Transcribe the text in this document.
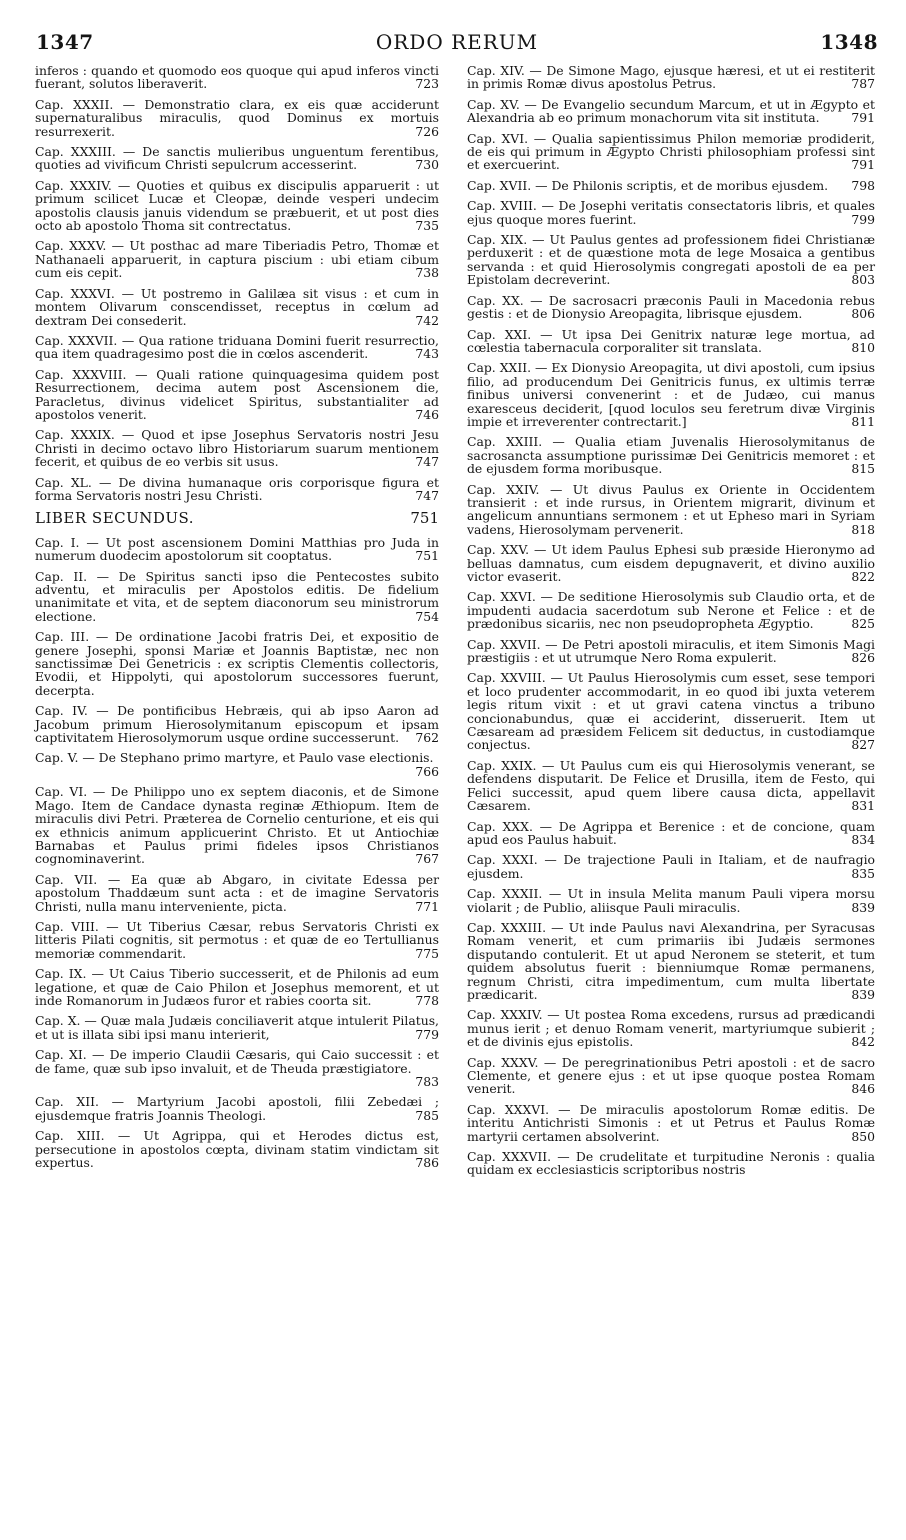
1347	ORDO RERUM	1348
inferos : quando et quomodo eos quoque qui apud inferos vincti fuerant, solutos liberaverit.	723
Cap. XXXII. — Demonstratio clara, ex eis quæ acciderunt supernaturalibus miraculis, quod Dominus ex mortuis resurrexerit.	726
Cap. XXXIII. — De sanctis mulieribus unguentum ferentibus, quoties ad vivificum Christi sepulcrum accesserint.	730
Cap. XXXIV. — Quoties et quibus ex discipulis apparuerit : ut primum scilicet Lucæ et Cleopæ, deinde vesperi undecim apostolis clausis januis videndum se præbuerit, et ut post dies octo ab apostolo Thoma sit contrectatus.	735
Cap. XXXV. — Ut posthac ad mare Tiberiadis Petro, Thomæ et Nathanaeli apparuerit, in captura piscium : ubi etiam cibum cum eis cepit.	738
Cap. XXXVI. — Ut postremo in Galilæa sit visus : et cum in montem Olivarum conscendisset, receptus in cœlum ad dextram Dei consederit.	742
Cap. XXXVII. — Qua ratione triduana Domini fuerit resurrectio, qua item quadragesimo post die in cœlos ascenderit.	743
Cap. XXXVIII. — Quali ratione quinquagesima quidem post Resurrectionem, decima autem post Ascensionem die, Paracletus, divinus videlicet Spiritus, substantialiter ad apostolos venerit.	746
Cap. XXXIX. — Quod et ipse Josephus Servatoris nostri Jesu Christi in decimo octavo libro Historiarum suarum mentionem fecerit, et quibus de eo verbis sit usus.	747
Cap. XL. — De divina humanaque oris corporisque figura et forma Servatoris nostri Jesu Christi.	747
LIBER SECUNDUS.	751
Cap. I. — Ut post ascensionem Domini Matthias pro Juda in numerum duodecim apostolorum sit cooptatus.	751
Cap. II. — De Spiritus sancti ipso die Pentecostes subito adventu, et miraculis per Apostolos editis. De fidelium unanimitate et vita, et de septem diaconorum seu ministrorum electione.	754
Cap. III. — De ordinatione Jacobi fratris Dei, et expositio de genere Josephi, sponsi Mariæ et Joannis Baptistæ, nec non sanctissimæ Dei Genetricis : ex scriptis Clementis collectoris, Evodii, et Hippolyti, qui apostolorum successores fuerunt, decerpta.
Cap. IV. — De pontificibus Hebræis, qui ab ipso Aaron ad Jacobum primum Hierosolymitanum episcopum et ipsam captivitatem Hierosolymorum usque ordine successerunt.	762
Cap. V. — De Stephano primo martyre, et Paulo vase electionis.
766
Cap. VI. — De Philippo uno ex septem diaconis, et de Simone Mago. Item de Candace dynasta reginæ Æthiopum. Item de miraculis divi Petri. Præterea de Cornelio centurione, et eis qui ex ethnicis animum applicuerint Christo. Et ut Antiochiæ Barnabas et Paulus primi fideles ipsos Christianos cognominaverint.	767
Cap. VII. — Ea quæ ab Abgaro, in civitate Edessa per apostolum Thaddæum sunt acta : et de imagine Servatoris Christi, nulla manu interveniente, picta.	771
Cap. VIII. — Ut Tiberius Cæsar, rebus Servatoris Christi ex litteris Pilati cognitis, sit permotus : et quæ de eo Tertullianus memoriæ commendarit.	775
Cap. IX. — Ut Caius Tiberio successerit, et de Philonis ad eum legatione, et quæ de Caio Philon et Josephus memorent, et ut inde Romanorum in Judæos furor et rabies coorta sit.	778
Cap. X. — Quæ mala Judæis conciliaverit atque intulerit Pilatus, et ut is illata sibi ipsi manu interierit,	779
Cap. XI. — De imperio Claudii Cæsaris, qui Caio successit : et de fame, quæ sub ipso invaluit, et de Theuda præstigiatore.
783
Cap. XII. — Martyrium Jacobi apostoli, filii Zebedæi ; ejusdemque fratris Joannis Theologi.	785
Cap. XIII. — Ut Agrippa, qui et Herodes dictus est, persecutione in apostolos cœpta, divinam statim vindictam sit expertus.	786
Cap. XIV. — De Simone Mago, ejusque hæresi, et ut ei restiterit in primis Romæ divus apostolus Petrus.	787
Cap. XV. — De Evangelio secundum Marcum, et ut in Ægypto et Alexandria ab eo primum monachorum vita sit instituta.	791
Cap. XVI. — Qualia sapientissimus Philon memoriæ prodiderit, de eis qui primum in Ægypto Christi philosophiam professi sint et exercuerint.	791
Cap. XVII. — De Philonis scriptis, et de moribus ejusdem.	798
Cap. XVIII. — De Josephi veritatis consectatoris libris, et quales ejus quoque mores fuerint.	799
Cap. XIX. — Ut Paulus gentes ad professionem fidei Christianæ perduxerit : et de quæstione mota de lege Mosaica a gentibus servanda : et quid Hierosolymis congregati apostoli de ea per Epistolam decreverint.	803
Cap. XX. — De sacrosacri præconis Pauli in Macedonia rebus gestis : et de Dionysio Areopagita, librisque ejusdem.	806
Cap. XXI. — Ut ipsa Dei Genitrix naturæ lege mortua, ad cœlestia tabernacula corporaliter sit translata.	810
Cap. XXII. — Ex Dionysio Areopagita, ut divi apostoli, cum ipsius filio, ad producendum Dei Genitricis funus, ex ultimis terræ finibus universi convenerint : et de Judæo, cui manus exaresceus deciderit, [quod loculos seu feretrum divæ Virginis impie et irreverenter contrectarit.]	811
Cap. XXIII. — Qualia etiam Juvenalis Hierosolymitanus de sacrosancta assumptione purissimæ Dei Genitricis memoret : et de ejusdem forma moribusque.	815
Cap. XXIV. — Ut divus Paulus ex Oriente in Occidentem transierit : et inde rursus, in Orientem migrarit, divinum et angelicum annuntians sermonem : et ut Epheso mari in Syriam vadens, Hierosolymam pervenerit.	818
Cap. XXV. — Ut idem Paulus Ephesi sub præside Hieronymo ad belluas damnatus, cum eisdem depugnaverit, et divino auxilio victor evaserit.	822
Cap. XXVI. — De seditione Hierosolymis sub Claudio orta, et de impudenti audacia sacerdotum sub Nerone et Felice : et de prædonibus sicariis, nec non pseudopropheta Ægyptio.	825
Cap. XXVII. — De Petri apostoli miraculis, et item Simonis Magi præstigiis : et ut utrumque Nero Roma expulerit.	826
Cap. XXVIII. — Ut Paulus Hierosolymis cum esset, sese tempori et loco prudenter accommodarit, in eo quod ibi juxta veterem legis ritum vixit : et ut gravi catena vinctus a tribuno concionabundus, quæ ei acciderint, disseruerit. Item ut Cæsaream ad præsidem Felicem sit deductus, in custodiamque conjectus.	827
Cap. XXIX. — Ut Paulus cum eis qui Hierosolymis venerant, se defendens disputarit. De Felice et Drusilla, item de Festo, qui Felici successit, apud quem libere causa dicta, appellavit Cæsarem.	831
Cap. XXX. — De Agrippa et Berenice : et de concione, quam apud eos Paulus habuit.	834
Cap. XXXI. — De trajectione Pauli in Italiam, et de naufragio ejusdem.	835
Cap. XXXII. — Ut in insula Melita manum Pauli vipera morsu violarit ; de Publio, aliisque Pauli miraculis.	839
Cap. XXXIII. — Ut inde Paulus navi Alexandrina, per Syracusas Romam venerit, et cum primariis ibi Judæis sermones disputando contulerit. Et ut apud Neronem se steterit, et tum quidem absolutus fuerit : bienniumque Romæ permanens, regnum Christi, citra impedimentum, cum multa libertate prædicarit.	839
Cap. XXXIV. — Ut postea Roma excedens, rursus ad prædicandi munus ierit ; et denuo Romam venerit, martyriumque subierit ; et de divinis ejus epistolis.	842
Cap. XXXV. — De peregrinationibus Petri apostoli : et de sacro Clemente, et genere ejus : et ut ipse quoque postea Romam venerit.	846
Cap. XXXVI. — De miraculis apostolorum Romæ editis. De interitu Antichristi Simonis : et ut Petrus et Paulus Romæ martyrii certamen absolverint.	850
Cap. XXXVII. — De crudelitate et turpitudine Neronis : qualia quidam ex ecclesiasticis scriptoribus nostris
